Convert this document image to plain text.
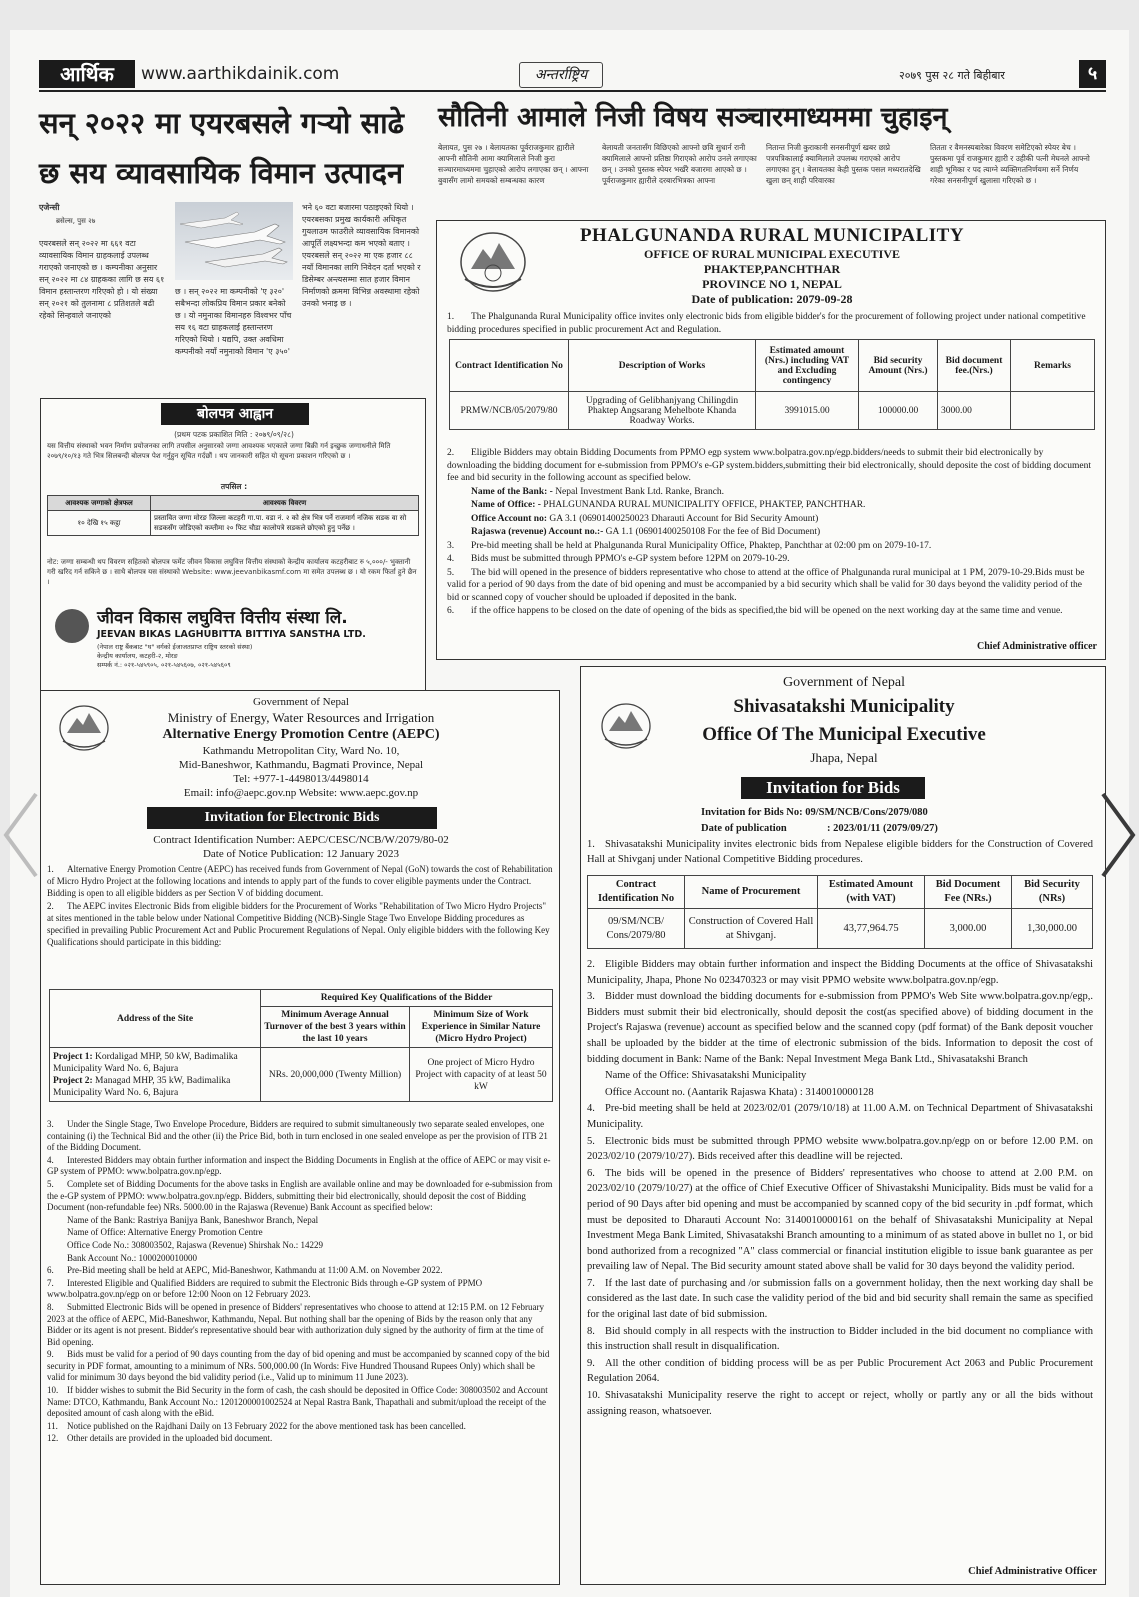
आर्थिक	www.aarthikdainik.com	अन्तर्राष्ट्रिय	२०७९ पुस २८ गते बिहीबार	५
सन् २०२२ मा एयरबसले गर्‍यो साढे
छ सय व्यावसायिक विमान उत्पादन
एजेन्सी
ब्रसेल्स, पुस २७
एयरबसले सन् २०२२ मा ६६१ वटा व्यावसायिक विमान ग्राहकलाई उपलब्ध गराएको जनाएको छ । कम्पनीका अनुसार सन् २०२२ मा ८४ ग्राहकका लागि छ सय ६१ विमान हस्तान्तरण गरिएको हो । यो संख्या सन् २०२१ को तुलनामा ८ प्रतिशतले बढी रहेको सिन्हवाले जनाएको
छ । सन् २०२२ मा कम्पनीको 'ए ३२०' सबैभन्दा लोकप्रिय विमान प्रकार बनेको छ । यो नमुनाका विमानहरु विश्वभर पाँच सय १६ वटा ग्राहकलाई हस्तान्तरण गरिएको थियो । यद्यपि, उक्त अवधिमा कम्पनीको नयाँ नमुनाको विमान 'ए ३५०'
भने ६० वटा बजारमा पठाइएको थियो । एयरबसका प्रमुख कार्यकारी अधिकृत गुयलाउम फाउरीले व्यावसायिक विमानको आपूर्ति लक्ष्यभन्दा कम भएको बताए । एयरबसले सन् २०२२ मा एक हजार ८८ नयाँ विमानका लागि निवेदन दर्ता भएको र डिसेम्बर अन्त्यसम्मा सात हजार विमान निर्माणको क्रममा विभिन्न अवस्थामा रहेको उनको भनाइ छ ।
सौतिनी आमाले निजी विषय सञ्चारमाध्यममा चुहाइन्
बेलायत, पुस २७ । बेलायतका पूर्वराजकुमार ह्यारीले आफ्नी सौतिनी आमा क्यामिलाले निजी कुरा सञ्चारमाध्यममा चुहाएको आरोप लगाएका छन् । आफ्ना बुवासँग लामो समयको सम्बन्धका कारण
बेलायती जनतासँग विछिएको आफ्नो छवि सुधार्न रानी क्यामिलाले आफ्नो प्रतिष्ठा गिराएको आरोप उनले लगाएका छन् । उनको पुस्तक स्पेयर भर्खरै बजारमा आएको छ । पूर्वराजकुमार ह्यारीले दरबारभित्रका आफ्ना
नितान्त निजी कुराकानी सनसनीपूर्ण खबर छाप्ने पत्रपत्रिकालाई क्यामिलाले उपलब्ध गराएको आरोप लगाएका हुन् । बेलायतका केही पुस्तक पसल मध्यरातदेखि खुला छन् शाही परिवारका
तितता र वैमनस्यबारेका विवरण समेटिएको स्पेयर बेच । पुस्तकमा पूर्व राजकुमार ह्यारी र उहीकी पत्नी मेघनले आफ्नो शाही भूमिका र पद त्याग्ने व्यक्तिगतनिर्णयमा सर्ने निर्णय गरेका सनसनीपूर्ण खुलासा गरिएको छ ।
PHALGUNANDA RURAL MUNICIPALITY
OFFICE OF RURAL MUNICIPAL EXECUTIVE
PHAKTEP,PANCHTHAR
PROVINCE NO 1, NEPAL
Date of publication: 2079-09-28
1. The Phalgunanda Rural Municipality office invites only electronic bids from eligible bidder's for the procurement of following project under national competitive bidding procedures specified in public procurement Act and Regulation.
Contract Identification No	Description of Works	Estimated amount (Nrs.) including VAT and Excluding contingency	Bid security Amount (Nrs.)	Bid document fee.(Nrs.)	Remarks
PRMW/NCB/05/2079/80	Upgrading of Gelibhanjyang Chilingdin Phaktep Angsarang Mehelbote Khanda Roadway Works.	3991015.00	100000.00	3000.00	

2. Eligible Bidders may obtain Bidding Documents from PPMO egp system www.bolpatra.gov.np/egp.bidders/needs to submit their bid electronically by downloading the bidding document for e-submission from PPMO's e-GP system.bidders,submitting their bid electronically, should deposite the cost of bidding document fee and bid security in the following account as specified below.

Name of the Bank: - Nepal Investment Bank Ltd. Ranke, Branch.

Name of Office: - PHALGUNANDA RURAL MUNICIPALITY OFFICE, PHAKTEP, PANCHTHAR.

Office Account no: GA 3.1 (06901400250023 Dharauti Account for Bid Security Amount)

Rajaswa (revenue) Account no.:- GA 1.1 (06901400250108 For the fee of Bid Document)

3. Pre-bid meeting shall be held at Phalgunanda Rural Municipality Office, Phaktep, Panchthar at 02:00 pm on 2079-10-17.

4. Bids must be submitted through PPMO's e-GP system before 12PM on 2079-10-29.

5. The bid will opened in the presence of bidders representative who chose to attend at the office of Phalgunanda rural municipal at 1 PM, 2079-10-29.Bids must be valid for a period of 90 days from the date of bid opening and must be accompanied by a bid security which shall be valid for 30 days beyond the validity period of the bid or scanned copy of voucher should be uploaded if deposited in the bank.

6. if the office happens to be closed on the date of opening of the bids as specified,the bid will be opened on the next working day at the same time and venue.

Chief Administrative officer
बोलपत्र आह्वान
(प्रथम पटक प्रकाशित मिति : २०७९/०९/२८)
यस वित्तीय संस्थाको भवन निर्माण प्रयोजनका लागि तपसील अनुसारको जग्गा आवश्यक भएकाले जग्गा बिक्री गर्न इच्छुक जग्गाधनीले मिति २०७९/१०/१३ गते भित्र सिलबन्दी बोलपत्र पेश गर्नुहुन सूचित गर्दछौं । थप जानकारी सहित यो सूचना प्रकाशन गरिएको छ ।
तपसिल :
आवश्यक जग्गाको क्षेत्रफल	आवश्यक विवरण
१० देखि १५ कट्ठा	प्रस्तावित जग्गा मोरङ जिल्ला कटहरी गा.पा. वडा नं. २ को क्षेत्र भित्र पर्ने राजमार्ग नजिक सडक वा सो सडकसँग जोडिएको कम्तीमा २० फिट चौडा कालोपत्रे सडकले छोएको हुनु पर्नेछ ।
नोट: जग्गा सम्बन्धी थप विवरण सहितको बोलपत्र फर्मेट जीवन विकास लघुवित्त वित्तीय संस्थाको केन्द्रीय कार्यालय कटहरीबाट रु ५,०००/- भुक्तानी गरी खरिद गर्न सकिने छ । साथै बोलपत्र यस संस्थाको Website: www.jeevanbikasmf.com मा समेत उपलब्ध छ । यो रकम फिर्ता हुने छैन ।
जीवन विकास लघुवित्त वित्तीय संस्था लि.
JEEVAN BIKAS LAGHUBITTA BITTIYA SANSTHA LTD.
(नेपाल राष्ट्र बैंकबाट "घ" वर्गको ईजाजतप्राप्त राष्ट्रिय स्तरको संस्था)
केन्द्रीय कार्यालय, कटहरी-२, मोरङ
सम्पर्क नं.: ०२१-५४५९०५, ०२१-५४५६०७, ०२१-५४५६०९
Government of Nepal
Ministry of Energy, Water Resources and Irrigation
Alternative Energy Promotion Centre (AEPC)
Kathmandu Metropolitan City, Ward No. 10,
Mid-Baneshwor, Kathmandu, Bagmati Province, Nepal
Tel: +977-1-4498013/4498014
Email: info@aepc.gov.np Website: www.aepc.gov.np
Invitation for Electronic Bids
Contract Identification Number: AEPC/CESC/NCB/W/2079/80-02
Date of Notice Publication: 12 January 2023

1. Alternative Energy Promotion Centre (AEPC) has received funds from Government of Nepal (GoN) towards the cost of Rehabilitation of Micro Hydro Project at the following locations and intends to apply part of the funds to cover eligible payments under the Contract. Bidding is open to all eligible bidders as per Section V of bidding document.

2. The AEPC invites Electronic Bids from eligible bidders for the Procurement of Works "Rehabilitation of Two Micro Hydro Projects" at sites mentioned in the table below under National Competitive Bidding (NCB)-Single Stage Two Envelope Bidding procedures as specified in prevailing Public Procurement Act and Public Procurement Regulations of Nepal. Only eligible bidders with the following Key Qualifications should participate in this bidding:

Address of the Site	Required Key Qualifications of the Bidder	
	Minimum Average Annual Turnover of the best 3 years within the last 10 years	Minimum Size of Work Experience in Similar Nature (Micro Hydro Project)
Project 1: Kordaligad MHP, 50 kW, Badimalika Municipality Ward No. 6, Bajura
Project 2: Managad MHP, 35 kW, Badimalika Municipality Ward No. 6, Bajura	NRs. 20,000,000 (Twenty Million)	One project of Micro Hydro Project with capacity of at least 50 kW

3. Under the Single Stage, Two Envelope Procedure, Bidders are required to submit simultaneously two separate sealed envelopes, one containing (i) the Technical Bid and the other (ii) the Price Bid, both in turn enclosed in one sealed envelope as per the provision of ITB 21 of the Bidding Document.

4. Interested Bidders may obtain further information and inspect the Bidding Documents in English at the office of AEPC or may visit e-GP system of PPMO: www.bolpatra.gov.np/egp.

5. Complete set of Bidding Documents for the above tasks in English are available online and may be downloaded for e-submission from the e-GP system of PPMO: www.bolpatra.gov.np/egp. Bidders, submitting their bid electronically, should deposit the cost of Bidding Document (non-refundable fee) NRs. 5000.00 in the Rajaswa (Revenue) Bank Account as specified below:

Name of the Bank: Rastriya Banijya Bank, Baneshwor Branch, Nepal

Name of Office: Alternative Energy Promotion Centre

Office Code No.: 308003502, Rajaswa (Revenue) Shirshak No.: 14229

Bank Account No.: 1000200010000

6. Pre-Bid meeting shall be held at AEPC, Mid-Baneshwor, Kathmandu at 11:00 A.M. on November 2022.

7. Interested Eligible and Qualified Bidders are required to submit the Electronic Bids through e-GP system of PPMO www.bolpatra.gov.np/egp on or before 12:00 Noon on 12 February 2023.

8. Submitted Electronic Bids will be opened in presence of Bidders' representatives who choose to attend at 12:15 P.M. on 12 February 2023 at the office of AEPC, Mid-Baneshwor, Kathmandu, Nepal. But nothing shall bar the opening of Bids by the reason only that any Bidder or its agent is not present. Bidder's representative should bear with authorization duly signed by the authority of firm at the time of Bid opening.

9. Bids must be valid for a period of 90 days counting from the day of bid opening and must be accompanied by scanned copy of the bid security in PDF format, amounting to a minimum of NRs. 500,000.00 (In Words: Five Hundred Thousand Rupees Only) which shall be valid for minimum 30 days beyond the bid validity period (i.e., Valid up to minimum 11 June 2023).

10. If bidder wishes to submit the Bid Security in the form of cash, the cash should be deposited in Office Code: 308003502 and Account Name: DTCO, Kathmandu, Bank Account No.: 1201200001002524 at Nepal Rastra Bank, Thapathali and submit/upload the receipt of the deposited amount of cash along with the eBid.

11. Notice published on the Rajdhani Daily on 13 February 2022 for the above mentioned task has been cancelled.

12. Other details are provided in the uploaded bid document.

Government of Nepal
Shivasatakshi Municipality
Office Of The Municipal Executive
Jhapa, Nepal
Invitation for Bids
Invitation for Bids No: 09/SM/NCB/Cons/2079/080
Date of publication	: 2023/01/11 (2079/09/27)
1. Shivasatakshi Municipality invites electronic bids from Nepalese eligible bidders for the Construction of Covered Hall at Shivganj under National Competitive Bidding procedures.
Contract Identification No	Name of Procurement	Estimated Amount (with VAT)	Bid Document Fee (NRs.)	Bid Security (NRs)
09/SM/NCB/ Cons/2079/80	Construction of Covered Hall at Shivganj.	43,77,964.75	3,000.00	1,30,000.00

2. Eligible Bidders may obtain further information and inspect the Bidding Documents at the office of Shivasatakshi Municipality, Jhapa, Phone No 023470323 or may visit PPMO website www.bolpatra.gov.np/egp.

3. Bidder must download the bidding documents for e-submission from PPMO's Web Site www.bolpatra.gov.np/egp,. Bidders must submit their bid electronically, should deposit the cost(as specified above) of bidding document in the Project's Rajaswa (revenue) account as specified below and the scanned copy (pdf format) of the Bank deposit voucher shall be uploaded by the bidder at the time of electronic submission of the bids. Information to deposit the cost of bidding document in Bank: Name of the Bank: Nepal Investment Mega Bank Ltd., Shivasatakshi Branch

Name of the Office: Shivasatakshi Municipality

Office Account no. (Aantarik Rajaswa Khata) : 3140010000128

4. Pre-bid meeting shall be held at 2023/02/01 (2079/10/18) at 11.00 A.M. on Technical Department of Shivasatakshi Municipality.

5. Electronic bids must be submitted through PPMO website www.bolpatra.gov.np/egp on or before 12.00 P.M. on 2023/02/10 (2079/10/27). Bids received after this deadline will be rejected.

6. The bids will be opened in the presence of Bidders' representatives who choose to attend at 2.00 P.M. on 2023/02/10 (2079/10/27) at the office of Chief Executive Officer of Shivastakshi Municipality. Bids must be valid for a period of 90 Days after bid opening and must be accompanied by scanned copy of the bid security in .pdf format, which must be deposited to Dharauti Account No: 3140010000161 on the behalf of Shivasatakshi Municipality at Nepal Investment Mega Bank Limited, Shivasatakshi Branch amounting to a minimum of as stated above in bullet no 1, or bid bond authorized from a recognized "A" class commercial or financial institution eligible to issue bank guarantee as per prevailing law of Nepal. The Bid security amount stated above shall be valid for 30 days beyond the validity period.

7. If the last date of purchasing and /or submission falls on a government holiday, then the next working day shall be considered as the last date. In such case the validity period of the bid and bid security shall remain the same as specified for the original last date of bid submission.

8. Bid should comply in all respects with the instruction to Bidder included in the bid document no compliance with this instruction shall result in disqualification.

9. All the other condition of bidding process will be as per Public Procurement Act 2063 and Public Procurement Regulation 2064.

10. Shivasatakshi Municipality reserve the right to accept or reject, wholly or partly any or all the bids without assigning reason, whatsoever.

Chief Administrative Officer
